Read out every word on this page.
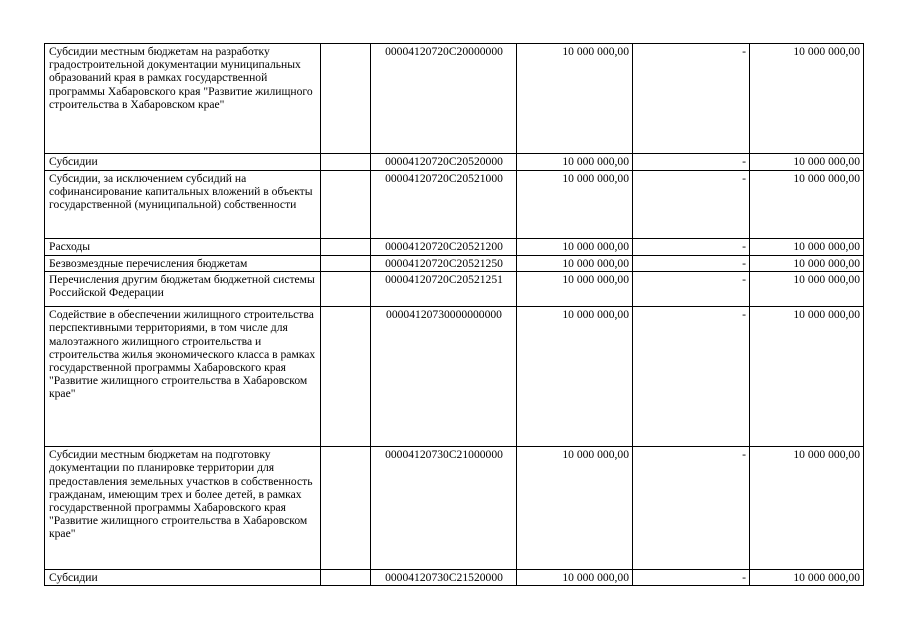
Субсидии местным бюджетам на разработку градостроительной документации муниципальных образований края в рамках государственной программы Хабаровского края "Развитие жилищного строительства в Хабаровском крае"		00004120720С20000000	10 000 000,00	-	10 000 000,00
Субсидии		00004120720С20520000	10 000 000,00	-	10 000 000,00
Субсидии, за исключением субсидий на софинансирование капитальных вложений в объекты государственной (муниципальной) собственности		00004120720С20521000	10 000 000,00	-	10 000 000,00
Расходы		00004120720С20521200	10 000 000,00	-	10 000 000,00
Безвозмездные перечисления бюджетам		00004120720С20521250	10 000 000,00	-	10 000 000,00
Перечисления другим бюджетам бюджетной системы Российской Федерации		00004120720С20521251	10 000 000,00	-	10 000 000,00
Содействие в обеспечении жилищного строительства перспективными территориями, в том числе для малоэтажного жилищного строительства и строительства жилья экономического класса в рамках государственной программы Хабаровского края "Развитие жилищного строительства в Хабаровском крае"		00004120730000000000	10 000 000,00	-	10 000 000,00
Субсидии местным бюджетам на подготовку документации по планировке территории для предоставления земельных участков в собственность гражданам, имеющим трех и более детей, в рамках государственной программы Хабаровского края "Развитие жилищного строительства в Хабаровском крае"		00004120730С21000000	10 000 000,00	-	10 000 000,00
Субсидии		00004120730С21520000	10 000 000,00	-	10 000 000,00
